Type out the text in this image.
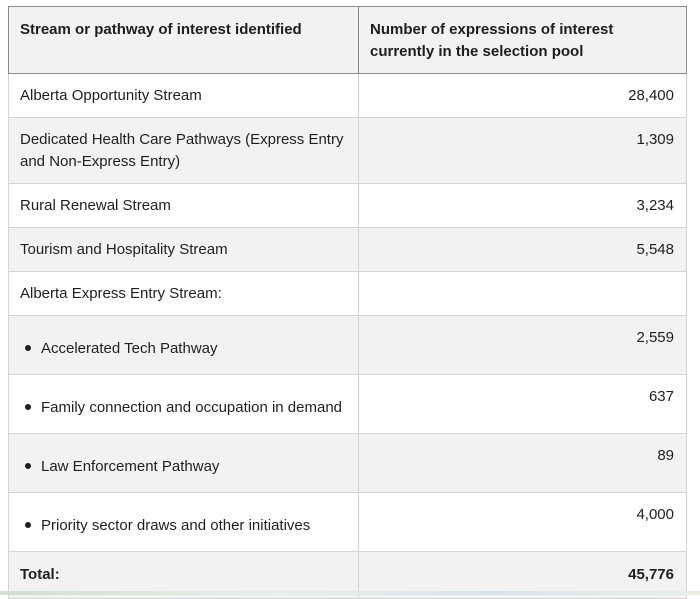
Stream or pathway of interest identified	Number of expressions of interest currently in the selection pool
Alberta Opportunity Stream	28,400
Dedicated Health Care Pathways (Express Entry and Non-Express Entry)	1,309
Rural Renewal Stream	3,234
Tourism and Hospitality Stream	5,548
Alberta Express Entry Stream:	
Accelerated Tech Pathway	2,559
Family connection and occupation in demand	637
Law Enforcement Pathway	89
Priority sector draws and other initiatives	4,000
Total:	45,776
